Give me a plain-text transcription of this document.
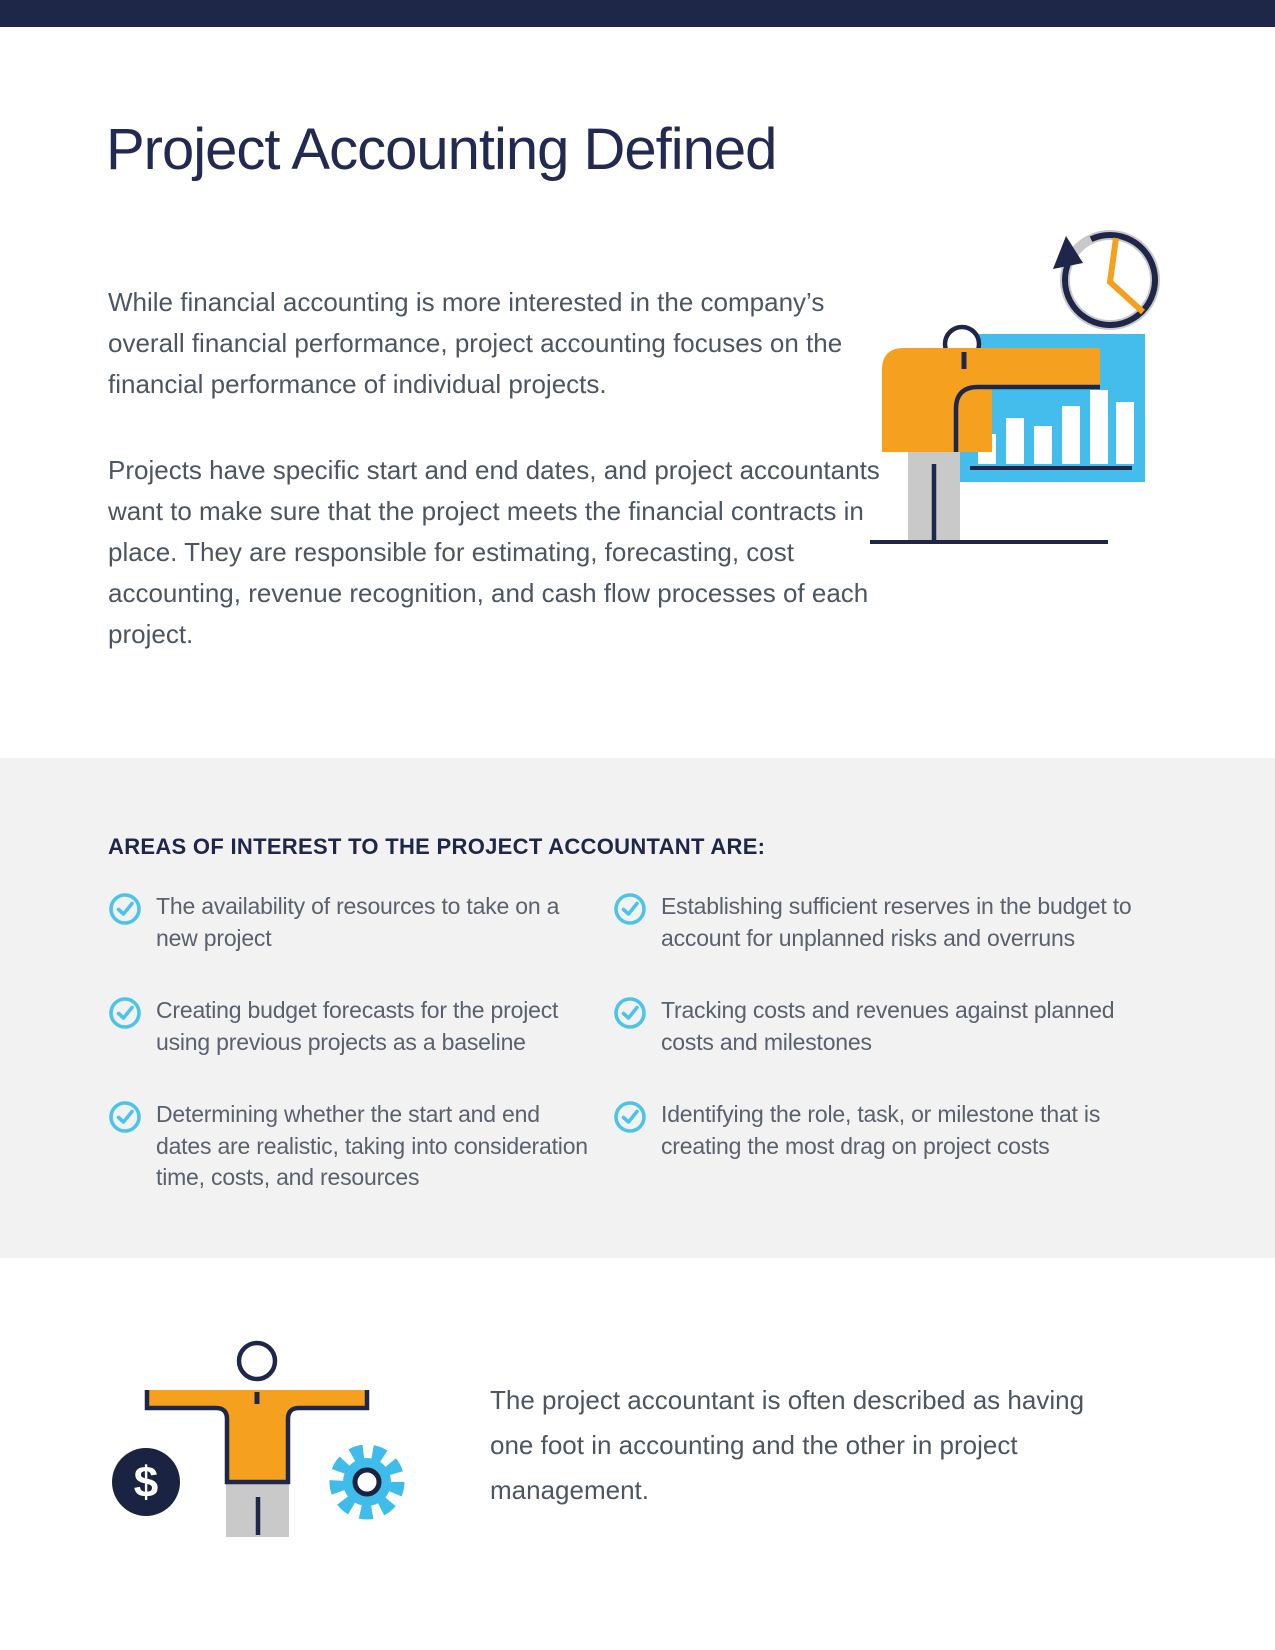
Project Accounting Defined

While financial accounting is more interested in the company’s overall financial performance, project accounting focuses on the financial performance of individual projects.

Projects have specific start and end dates, and project accountants want to make sure that the project meets the financial contracts in place. They are responsible for estimating, forecasting, cost accounting, revenue recognition, and cash flow processes of each project.

AREAS OF INTEREST TO THE PROJECT ACCOUNTANT ARE:
The availability of resources to take on a new project
Creating budget forecasts for the project using previous projects as a baseline
Determining whether the start and end dates are realistic, taking into consideration time, costs, and resources
Establishing sufficient reserves in the budget to account for unplanned risks and overruns
Tracking costs and revenues against planned costs and milestones
Identifying the role, task, or milestone that is creating the most drag on project costs
$

The project accountant is often described as having one foot in accounting and the other in project management.
